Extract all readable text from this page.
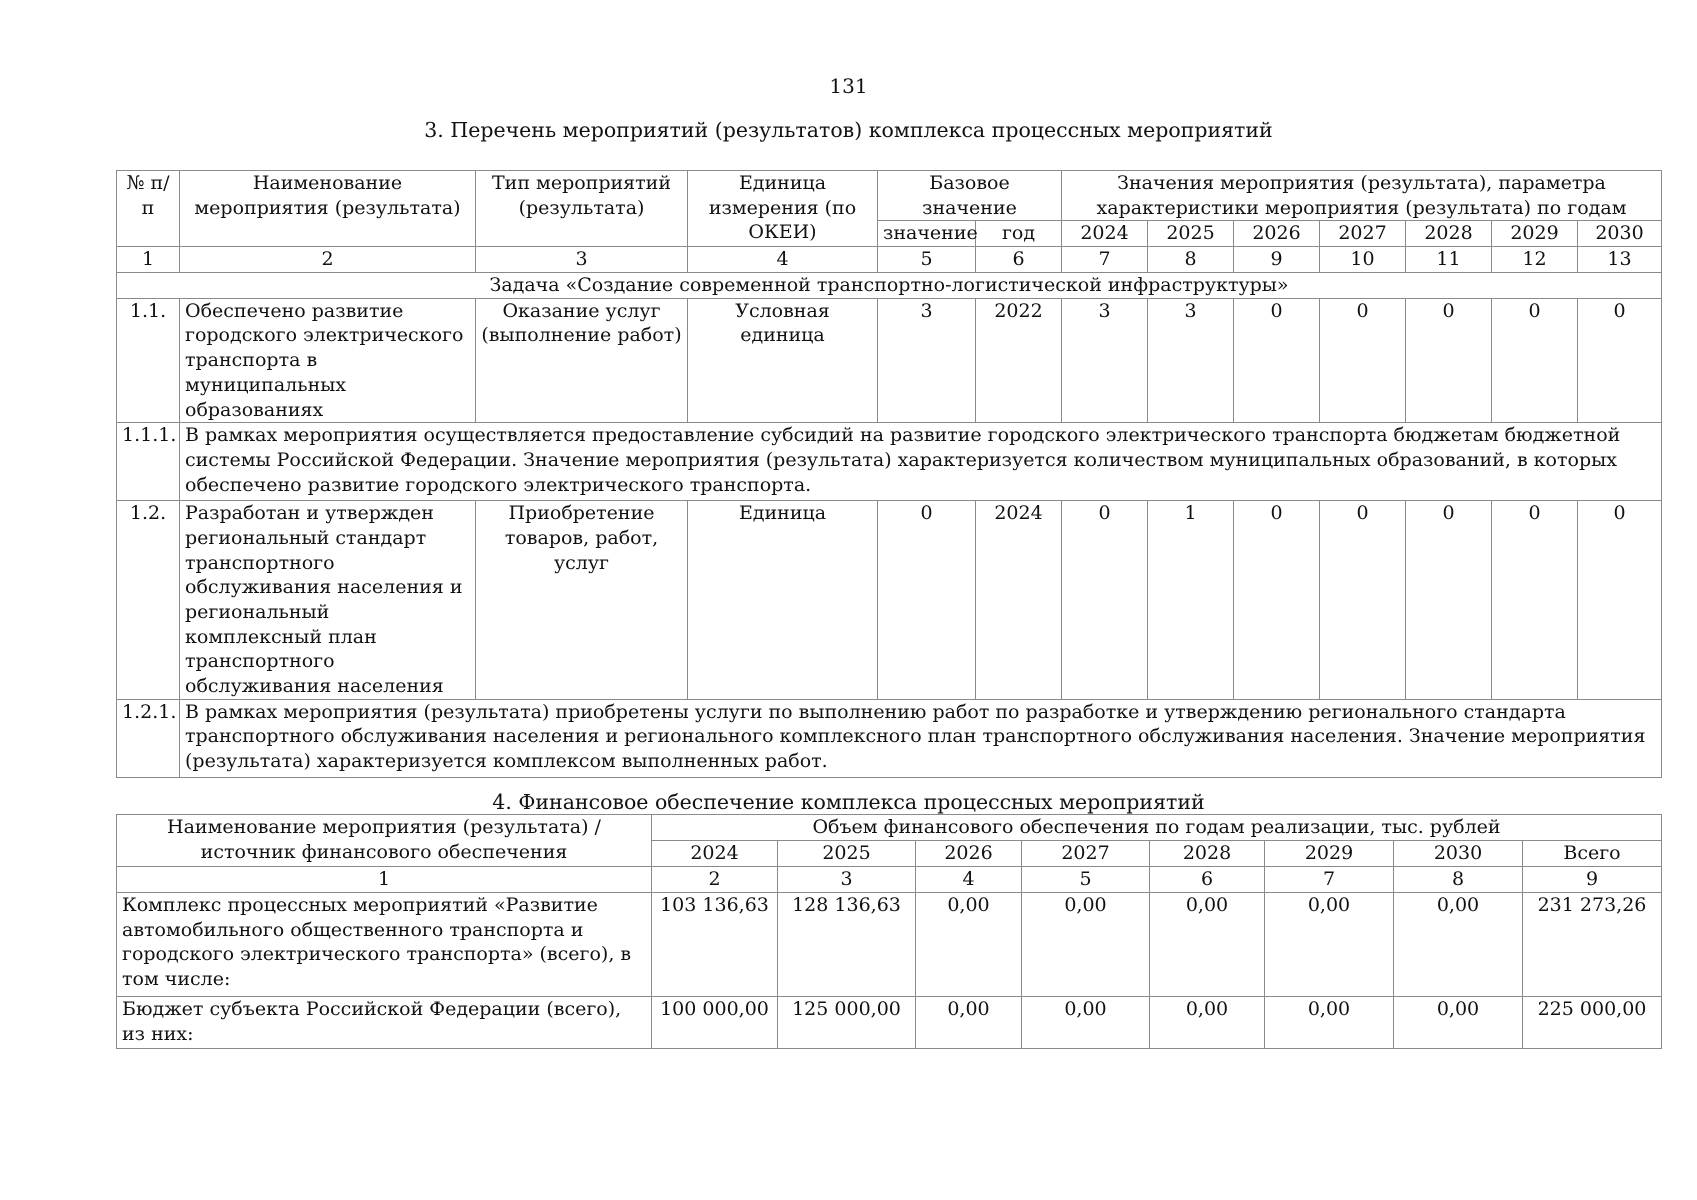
131
3. Перечень мероприятий (результатов) комплекса процессных мероприятий
№ п/п	Наименование мероприятия (результата)	Тип мероприятий (результата)	Единица измерения (по ОКЕИ)	Базовое значение		Значения мероприятия (результата), параметра характеристики мероприятия (результата) по годам						
				значение	год	2024	2025	2026	2027	2028	2029	2030
1	2	3	4	5	6	7	8	9	10	11	12	13
Задача «Создание современной транспортно-логистической инфраструктуры»												
1.1.	Обеспечено развитие городского электрического транспорта в муниципальных образованиях	Оказание услуг (выполнение работ)	Условная единица	3	2022	3	3	0	0	0	0	0
1.1.1.	В рамках мероприятия осуществляется предоставление субсидий на развитие городского электрического транспорта бюджетам бюджетной системы Российской Федерации. Значение мероприятия (результата) характеризуется количеством муниципальных образований, в которых обеспечено развитие городского электрического транспорта.											
1.2.	Разработан и утвержден региональный стандарт транспортного обслуживания населения и региональный комплексный план транспортного обслуживания населения	Приобретение товаров, работ, услуг	Единица	0	2024	0	1	0	0	0	0	0
1.2.1.	В рамках мероприятия (результата) приобретены услуги по выполнению работ по разработке и утверждению регионального стандарта транспортного обслуживания населения и регионального комплексного план транспортного обслуживания населения. Значение мероприятия (результата) характеризуется комплексом выполненных работ.											
4. Финансовое обеспечение комплекса процессных мероприятий
Наименование мероприятия (результата) / источник финансового обеспечения	Объем финансового обеспечения по годам реализации, тыс. рублей							
	2024	2025	2026	2027	2028	2029	2030	Всего
1	2	3	4	5	6	7	8	9
Комплекс процессных мероприятий «Развитие автомобильного общественного транспорта и городского электрического транспорта» (всего), в том числе:	103 136,63	128 136,63	0,00	0,00	0,00	0,00	0,00	231 273,26
Бюджет субъекта Российской Федерации (всего), из них:	100 000,00	125 000,00	0,00	0,00	0,00	0,00	0,00	225 000,00
